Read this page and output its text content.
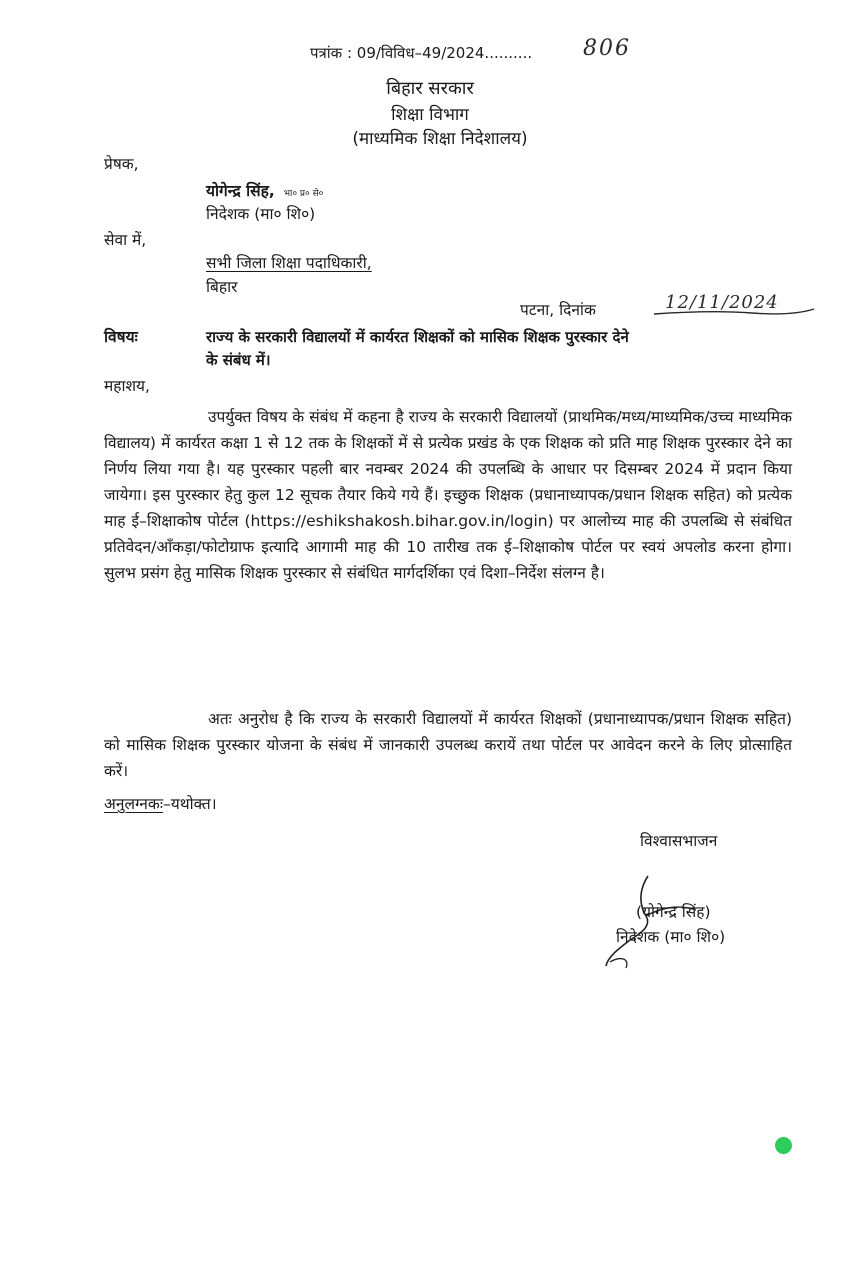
पत्रांक : 09/विविध–49/2024.......... 806
बिहार सरकार
शिक्षा विभाग
(माध्यमिक शिक्षा निदेशालय)
प्रेषक,
योगेन्द्र सिंह, भा० प्र० से०
निदेशक (मा० शि०)
सेवा में,
सभी जिला शिक्षा पदाधिकारी,
बिहार
पटना, दिनांक	12/11/2024
विषयः	राज्य के सरकारी विद्यालयों में कार्यरत शिक्षकों को मासिक शिक्षक पुरस्कार देने
के संबंध में।
महाशय,
उपर्युक्त विषय के संबंध में कहना है राज्य के सरकारी विद्यालयों (प्राथमिक/मध्य/माध्यमिक/उच्च माध्यमिक विद्यालय) में कार्यरत कक्षा 1 से 12 तक के शिक्षकों में से प्रत्येक प्रखंड के एक शिक्षक को प्रति माह शिक्षक पुरस्कार देने का निर्णय लिया गया है। यह पुरस्कार पहली बार नवम्बर 2024 की उपलब्धि के आधार पर दिसम्बर 2024 में प्रदान किया जायेगा। इस पुरस्कार हेतु कुल 12 सूचक तैयार किये गये हैं। इच्छुक शिक्षक (प्रधानाध्यापक/प्रधान शिक्षक सहित) को प्रत्येक माह ई–शिक्षाकोष पोर्टल (https://eshikshakosh.bihar.gov.in/login) पर आलोच्य माह की उपलब्धि से संबंधित प्रतिवेदन/आँकड़ा/फोटोग्राफ इत्यादि आगामी माह की 10 तारीख तक ई–शिक्षाकोष पोर्टल पर स्वयं अपलोड करना होगा। सुलभ प्रसंग हेतु मासिक शिक्षक पुरस्कार से संबंधित मार्गदर्शिका एवं दिशा–निर्देश संलग्न है।
अतः अनुरोध है कि राज्य के सरकारी विद्यालयों में कार्यरत शिक्षकों (प्रधानाध्यापक/प्रधान शिक्षक सहित) को मासिक शिक्षक पुरस्कार योजना के संबंध में जानकारी उपलब्ध करायें तथा पोर्टल पर आवेदन करने के लिए प्रोत्साहित करें।
अनुलग्नकः–यथोक्त।
विश्वासभाजन
(योगेन्द्र सिंह)
निदेशक (मा० शि०)
